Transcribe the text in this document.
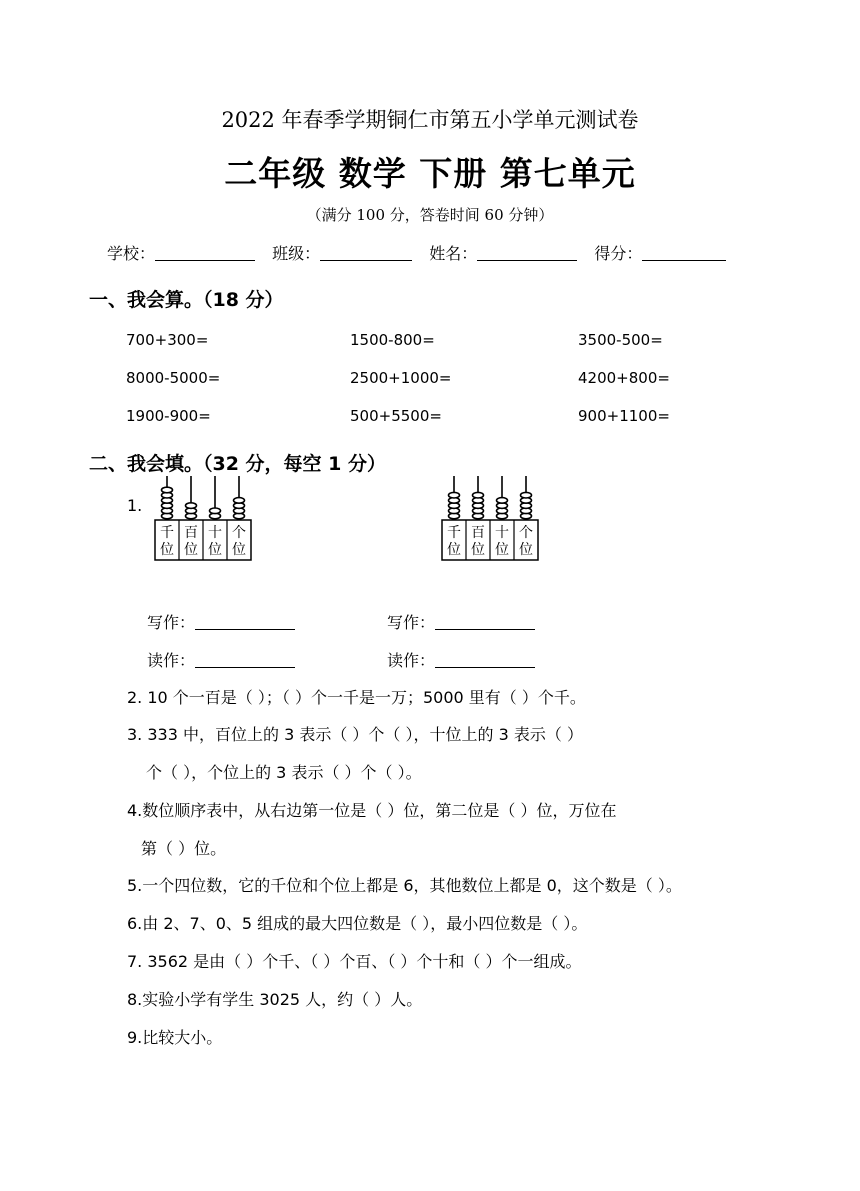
2022 年春季学期铜仁市第五小学单元测试卷
二年级 数学 下册 第七单元
（满分 100 分，答卷时间 60 分钟）
学校：	班级：	姓名：	得分：
一、我会算。（18 分）
700+300=	1500-800=	3500-500=
8000-5000=	2500+1000=	4200+800=
1900-900=	500+5500=	900+1100=
二、我会填。（32 分，每空 1 分）
1.
千
位
百
位
十
位
个
位
千
位
百
位
十
位
个
位
写作：	写作：
读作：	读作：
2. 10 个一百是（ ）；（ ）个一千是一万；5000 里有（ ）个千。
3. 333 中，百位上的 3 表示（ ）个（ ），十位上的 3 表示（ ）
个（ ），个位上的 3 表示（ ）个（ ）。
4.数位顺序表中，从右边第一位是（ ）位，第二位是（ ）位，万位在
第（ ）位。
5.一个四位数，它的千位和个位上都是 6，其他数位上都是 0，这个数是（ ）。
6.由 2、7、0、5 组成的最大四位数是（ ），最小四位数是（ ）。
7. 3562 是由（ ）个千、（ ）个百、（ ）个十和（ ）个一组成。
8.实验小学有学生 3025 人，约（ ）人。
9.比较大小。
